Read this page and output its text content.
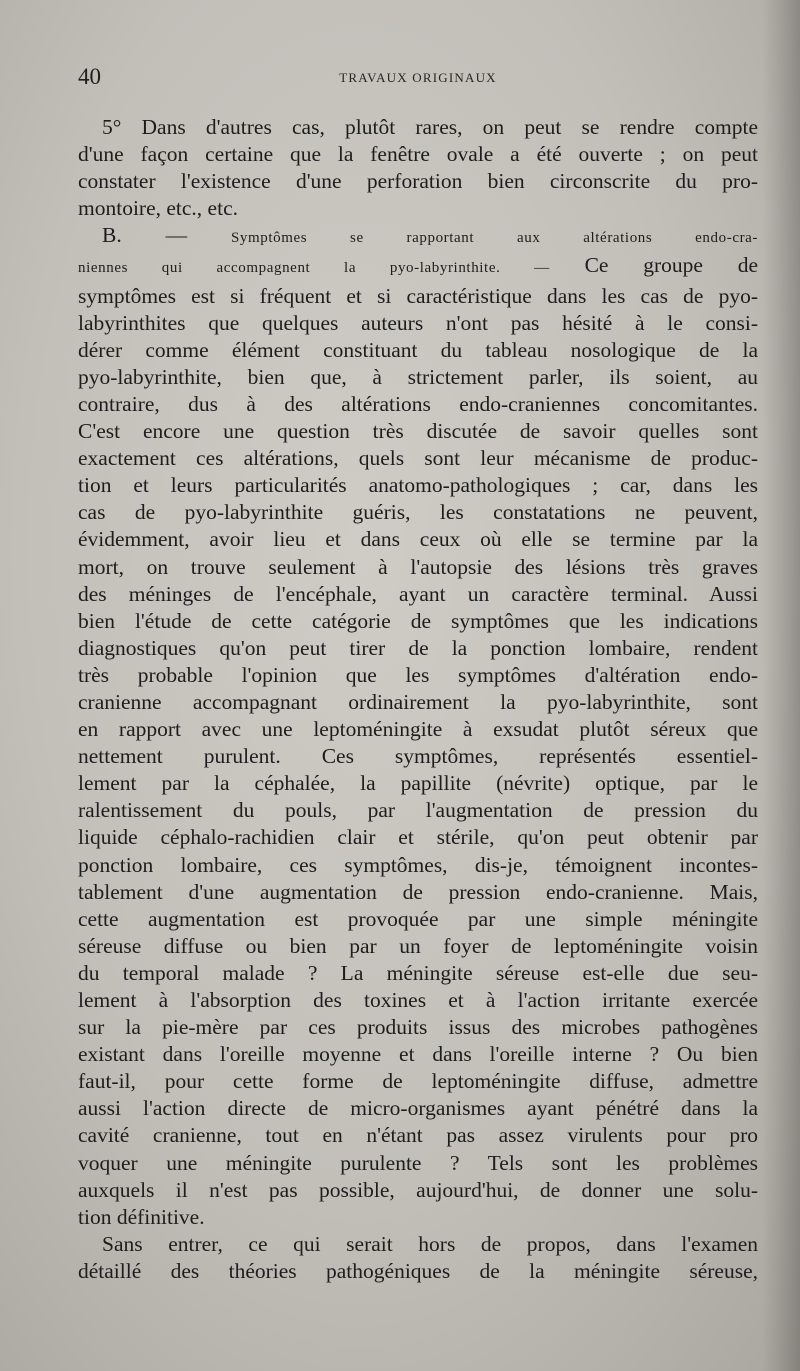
40	TRAVAUX ORIGINAUX
5° Dans d'autres cas, plutôt rares, on peut se rendre compte
d'une façon certaine que la fenêtre ovale a été ouverte ; on peut
constater l'existence d'une perforation bien circonscrite du pro-
montoire, etc., etc.
B. —	Symptômes se rapportant aux altérations endo-cra-
niennes qui accompagnent la pyo-labyrinthite. — Ce groupe de
symptômes est si fréquent et si caractéristique dans les cas de pyo-
labyrinthites que quelques auteurs n'ont pas hésité à le consi-
dérer comme élément constituant du tableau nosologique de la
pyo-labyrinthite, bien que, à strictement parler, ils soient, au
contraire, dus à des altérations endo-craniennes concomitantes.
C'est encore une question très discutée de savoir quelles sont
exactement ces altérations, quels sont leur mécanisme de produc-
tion et leurs particularités anatomo-pathologiques ; car, dans les
cas de pyo-labyrinthite guéris, les constatations ne peuvent,
évidemment, avoir lieu et dans ceux où elle se termine par la
mort, on trouve seulement à l'autopsie des lésions très graves
des méninges de l'encéphale, ayant un caractère terminal. Aussi
bien l'étude de cette catégorie de symptômes que les indications
diagnostiques qu'on peut tirer de la ponction lombaire, rendent
très probable l'opinion que les symptômes d'altération endo-
cranienne accompagnant ordinairement la pyo-labyrinthite, sont
en rapport avec une leptoméningite à exsudat plutôt séreux que
nettement purulent. Ces symptômes, représentés essentiel-
lement par la céphalée, la papillite (névrite) optique, par le
ralentissement du pouls, par l'augmentation de pression du
liquide céphalo-rachidien clair et stérile, qu'on peut obtenir par
ponction lombaire, ces symptômes, dis-je, témoignent incontes-
tablement d'une augmentation de pression endo-cranienne. Mais,
cette augmentation est provoquée par une simple méningite
séreuse diffuse ou bien par un foyer de leptoméningite voisin
du temporal malade ? La méningite séreuse est-elle due seu-
lement à l'absorption des toxines et à l'action irritante exercée
sur la pie-mère par ces produits issus des microbes pathogènes
existant dans l'oreille moyenne et dans l'oreille interne ? Ou bien
faut-il, pour cette forme de leptoméningite diffuse, admettre
aussi l'action directe de micro-organismes ayant pénétré dans la
cavité cranienne, tout en n'étant pas assez virulents pour pro
voquer une méningite purulente ? Tels sont les problèmes
auxquels il n'est pas possible, aujourd'hui, de donner une solu-
tion définitive.
Sans entrer, ce qui serait hors de propos, dans l'examen
détaillé des théories pathogéniques de la méningite séreuse,
